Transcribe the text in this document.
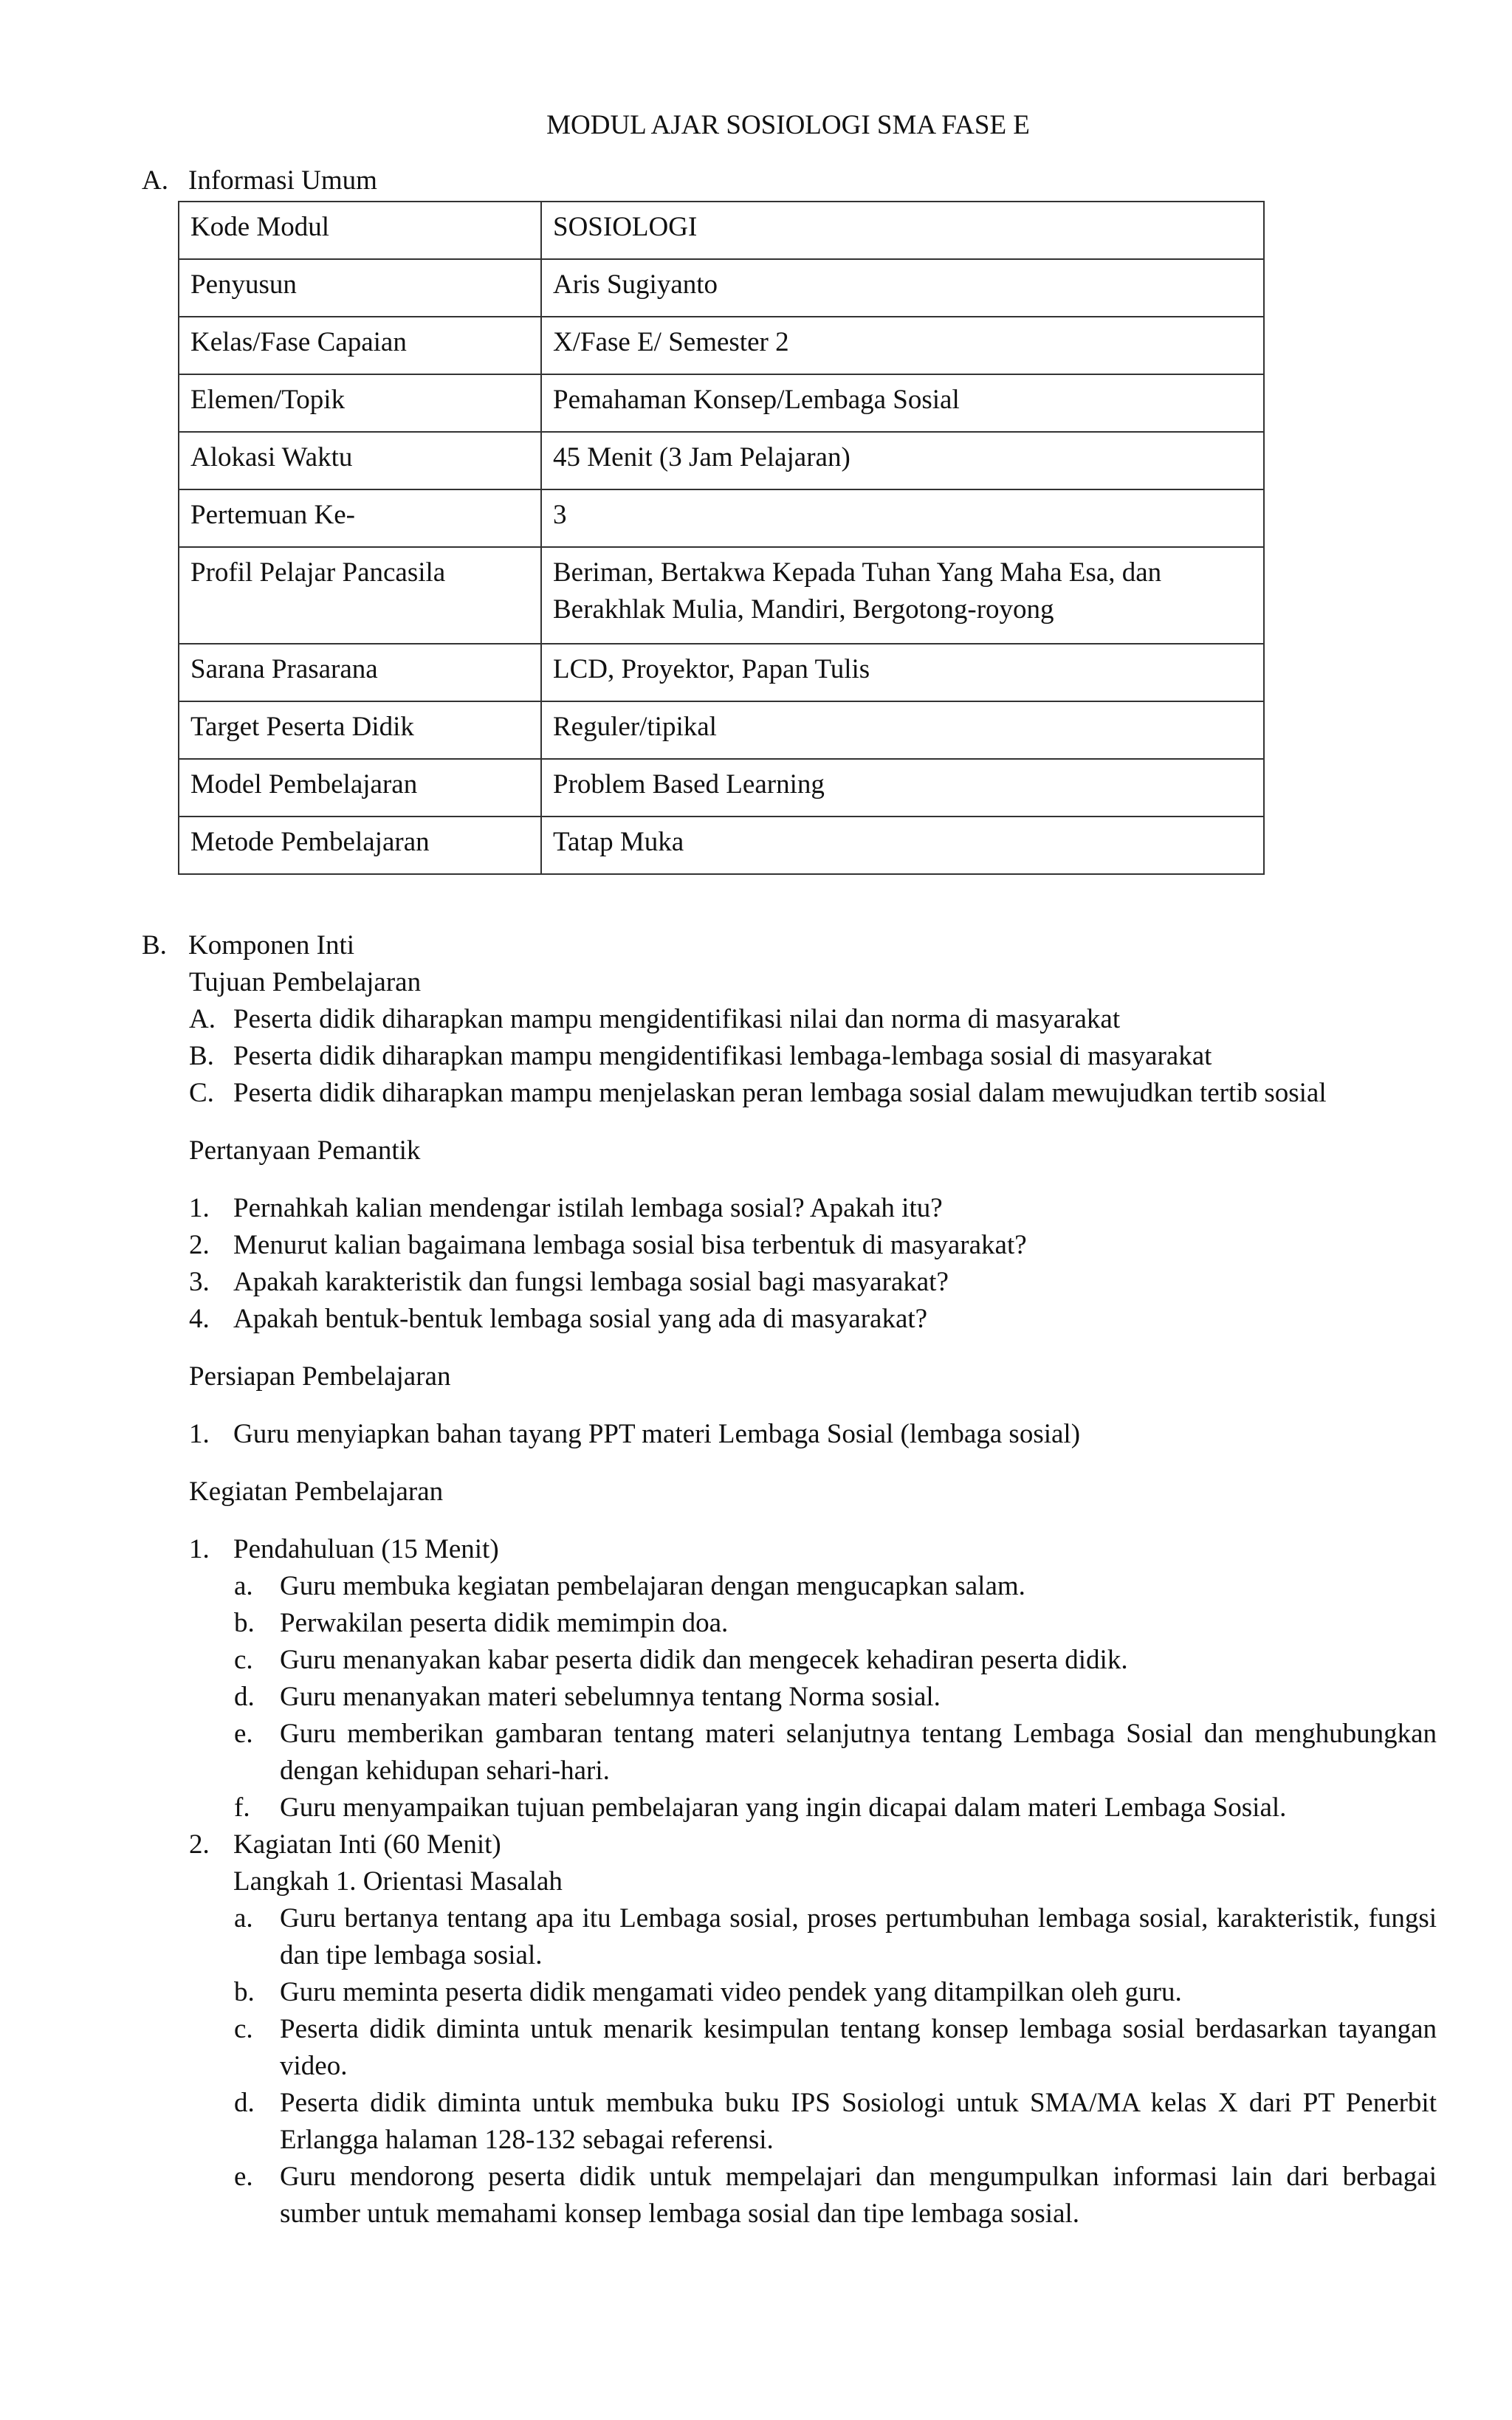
MODUL AJAR SOSIOLOGI SMA FASE E
A. Informasi Umum
Kode Modul	SOSIOLOGI
Penyusun	Aris Sugiyanto
Kelas/Fase Capaian	X/Fase E/ Semester 2
Elemen/Topik	Pemahaman Konsep/Lembaga Sosial
Alokasi Waktu	45 Menit (3 Jam Pelajaran)
Pertemuan Ke-	3
Profil Pelajar Pancasila	Beriman, Bertakwa Kepada Tuhan Yang Maha Esa, dan Berakhlak Mulia, Mandiri, Bergotong-royong
Sarana Prasarana	LCD, Proyektor, Papan Tulis
Target Peserta Didik	Reguler/tipikal
Model Pembelajaran	Problem Based Learning
Metode Pembelajaran	Tatap Muka
B. Komponen Inti
Tujuan Pembelajaran
A. Peserta didik diharapkan mampu mengidentifikasi nilai dan norma di masyarakat
B. Peserta didik diharapkan mampu mengidentifikasi lembaga-lembaga sosial di masyarakat
C. Peserta didik diharapkan mampu menjelaskan peran lembaga sosial dalam mewujudkan tertib sosial
Pertanyaan Pemantik
1. Pernahkah kalian mendengar istilah lembaga sosial? Apakah itu?
2. Menurut kalian bagaimana lembaga sosial bisa terbentuk di masyarakat?
3. Apakah karakteristik dan fungsi lembaga sosial bagi masyarakat?
4. Apakah bentuk-bentuk lembaga sosial yang ada di masyarakat?
Persiapan Pembelajaran
1. Guru menyiapkan bahan tayang PPT materi Lembaga Sosial (lembaga sosial)
Kegiatan Pembelajaran
1. Pendahuluan (15 Menit)
a. Guru membuka kegiatan pembelajaran dengan mengucapkan salam.
b. Perwakilan peserta didik memimpin doa.
c. Guru menanyakan kabar peserta didik dan mengecek kehadiran peserta didik.
d. Guru menanyakan materi sebelumnya tentang Norma sosial.
e. Guru memberikan gambaran tentang materi selanjutnya tentang Lembaga Sosial dan menghubungkan dengan kehidupan sehari-hari.
f.	Guru menyampaikan tujuan pembelajaran yang ingin dicapai dalam materi Lembaga Sosial.
2. Kagiatan Inti (60 Menit)
Langkah 1. Orientasi Masalah
a. Guru bertanya tentang apa itu Lembaga sosial, proses pertumbuhan lembaga sosial, karakteristik, fungsi dan tipe lembaga sosial.
b. Guru meminta peserta didik mengamati video pendek yang ditampilkan oleh guru.
c. Peserta didik diminta untuk menarik kesimpulan tentang konsep lembaga sosial berdasarkan tayangan video.
d. Peserta didik diminta untuk membuka buku IPS Sosiologi untuk SMA/MA kelas X dari PT Penerbit Erlangga halaman 128-132 sebagai referensi.
e. Guru mendorong peserta didik untuk mempelajari dan mengumpulkan informasi lain dari berbagai sumber untuk memahami konsep lembaga sosial dan tipe lembaga sosial.
